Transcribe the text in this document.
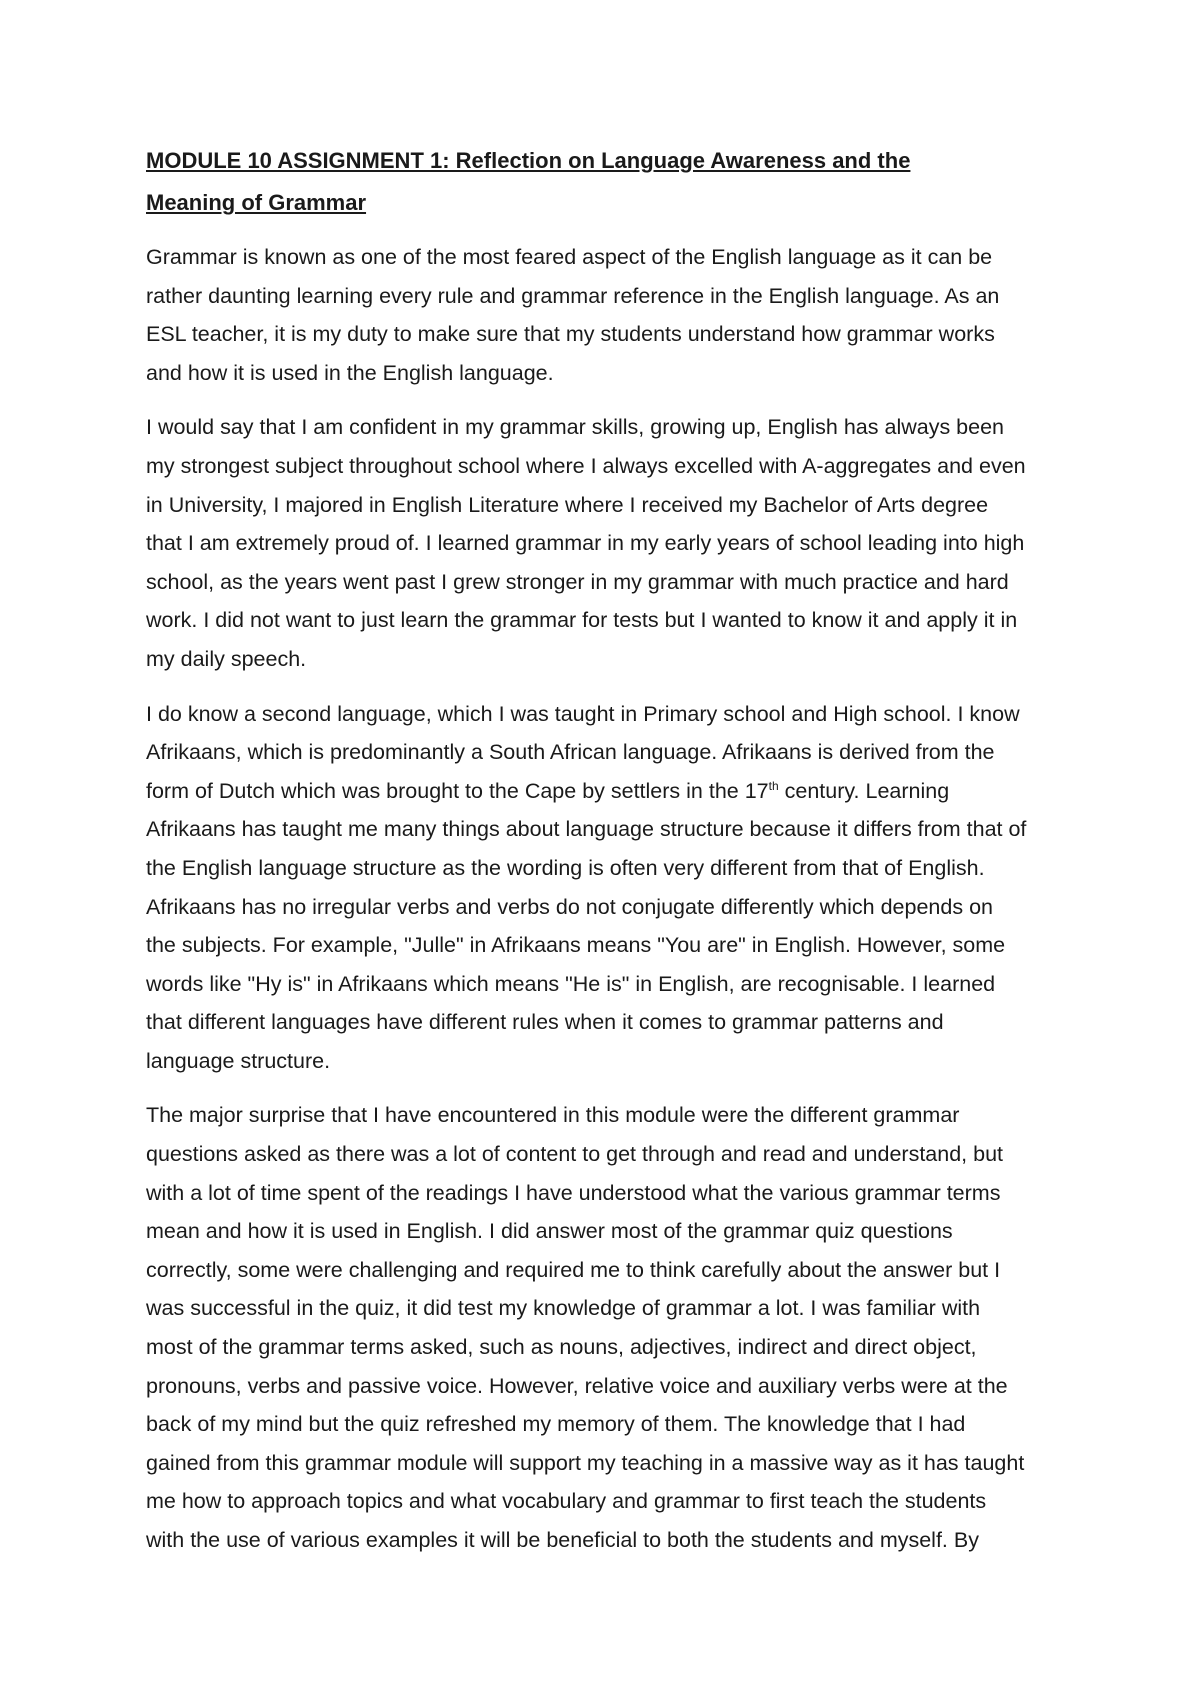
MODULE 10 ASSIGNMENT 1: Reflection on Language Awareness and the
Meaning of Grammar
Grammar is known as one of the most feared aspect of the English language as it can be
rather daunting learning every rule and grammar reference in the English language. As an
ESL teacher, it is my duty to make sure that my students understand how grammar works
and how it is used in the English language.
I would say that I am confident in my grammar skills, growing up, English has always been
my strongest subject throughout school where I always excelled with A-aggregates and even
in University, I majored in English Literature where I received my Bachelor of Arts degree
that I am extremely proud of. I learned grammar in my early years of school leading into high
school, as the years went past I grew stronger in my grammar with much practice and hard
work. I did not want to just learn the grammar for tests but I wanted to know it and apply it in
my daily speech.
I do know a second language, which I was taught in Primary school and High school. I know
Afrikaans, which is predominantly a South African language. Afrikaans is derived from the
form of Dutch which was brought to the Cape by settlers in the 17th century. Learning
Afrikaans has taught me many things about language structure because it differs from that of
the English language structure as the wording is often very different from that of English.
Afrikaans has no irregular verbs and verbs do not conjugate differently which depends on
the subjects. For example, "Julle" in Afrikaans means "You are" in English. However, some
words like "Hy is" in Afrikaans which means "He is" in English, are recognisable. I learned
that different languages have different rules when it comes to grammar patterns and
language structure.
The major surprise that I have encountered in this module were the different grammar
questions asked as there was a lot of content to get through and read and understand, but
with a lot of time spent of the readings I have understood what the various grammar terms
mean and how it is used in English. I did answer most of the grammar quiz questions
correctly, some were challenging and required me to think carefully about the answer but I
was successful in the quiz, it did test my knowledge of grammar a lot. I was familiar with
most of the grammar terms asked, such as nouns, adjectives, indirect and direct object,
pronouns, verbs and passive voice. However, relative voice and auxiliary verbs were at the
back of my mind but the quiz refreshed my memory of them. The knowledge that I had
gained from this grammar module will support my teaching in a massive way as it has taught
me how to approach topics and what vocabulary and grammar to first teach the students
with the use of various examples it will be beneficial to both the students and myself. By
